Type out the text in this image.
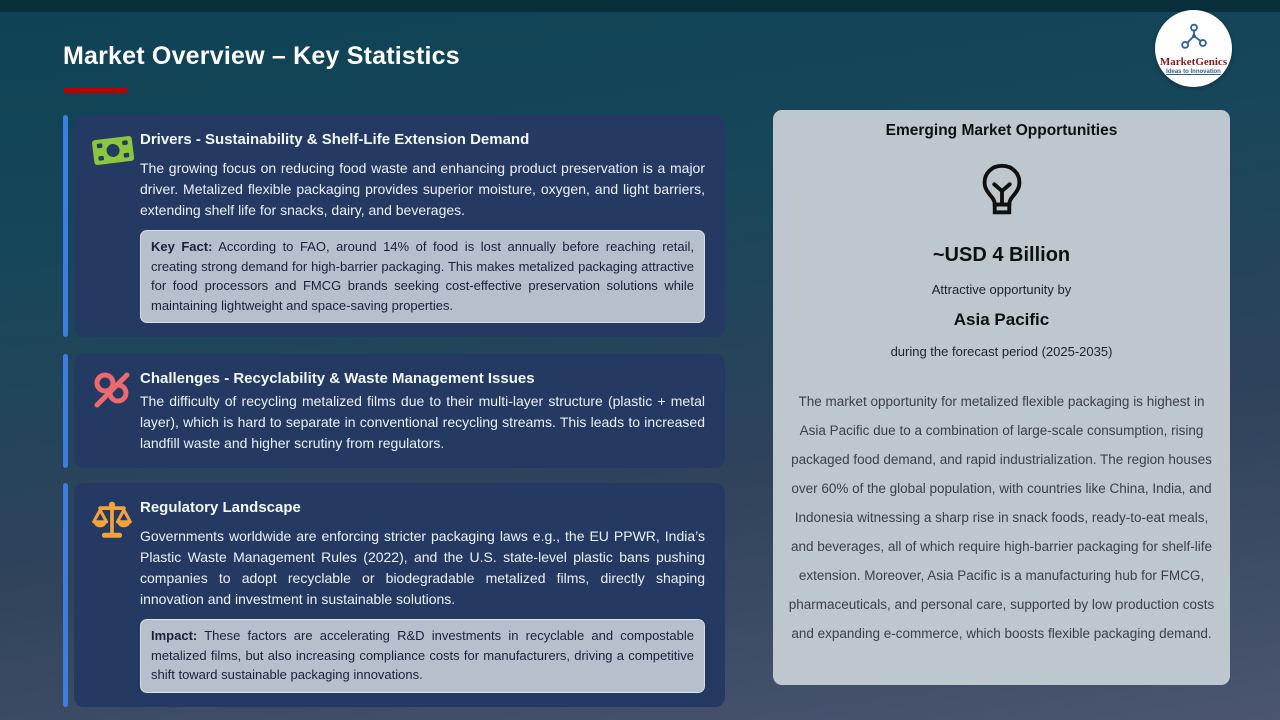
Market Overview – Key Statistics	MarketGenics
Ideas to Innovation
Drivers - Sustainability & Shelf-Life Extension Demand
The growing focus on reducing food waste and enhancing product preservation is a major driver. Metalized flexible packaging provides superior moisture, oxygen, and light barriers, extending shelf life for snacks, dairy, and beverages.
Key Fact: According to FAO, around 14% of food is lost annually before reaching retail, creating strong demand for high-barrier packaging. This makes metalized packaging attractive for food processors and FMCG brands seeking cost-effective preservation solutions while maintaining lightweight and space-saving properties.
Challenges - Recyclability & Waste Management Issues
The difficulty of recycling metalized films due to their multi-layer structure (plastic + metal layer), which is hard to separate in conventional recycling streams. This leads to increased landfill waste and higher scrutiny from regulators.
Regulatory Landscape
Governments worldwide are enforcing stricter packaging laws e.g., the EU PPWR, India’s Plastic Waste Management Rules (2022), and the U.S. state-level plastic bans pushing companies to adopt recyclable or biodegradable metalized films, directly shaping innovation and investment in sustainable solutions.
Impact: These factors are accelerating R&D investments in recyclable and compostable metalized films, but also increasing compliance costs for manufacturers, driving a competitive shift toward sustainable packaging innovations.
Emerging Market Opportunities
~USD 4 Billion
Attractive opportunity by
Asia Pacific
during the forecast period (2025-2035)
The market opportunity for metalized flexible packaging is highest in Asia Pacific due to a combination of large-scale consumption, rising packaged food demand, and rapid industrialization. The region houses over 60% of the global population, with countries like China, India, and Indonesia witnessing a sharp rise in snack foods, ready-to-eat meals, and beverages, all of which require high-barrier packaging for shelf-life extension. Moreover, Asia Pacific is a manufacturing hub for FMCG, pharmaceuticals, and personal care, supported by low production costs and expanding e-commerce, which boosts flexible packaging demand.
